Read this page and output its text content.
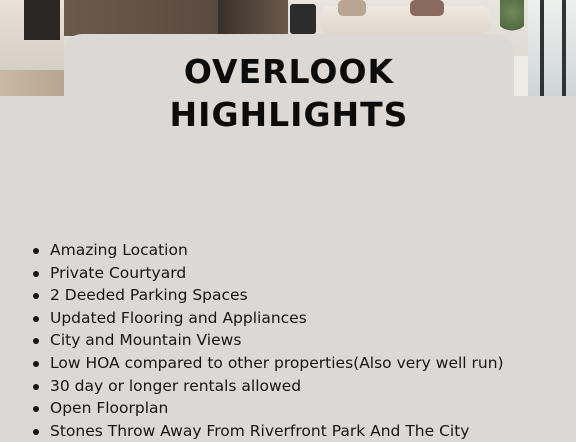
OVERLOOK
HIGHLIGHTS
Amazing Location
Private Courtyard
2 Deeded Parking Spaces
Updated Flooring and Appliances
City and Mountain Views
Low HOA compared to other properties(Also very well run)
30 day or longer rentals allowed
Open Floorplan
Stones Throw Away From Riverfront Park And The City
